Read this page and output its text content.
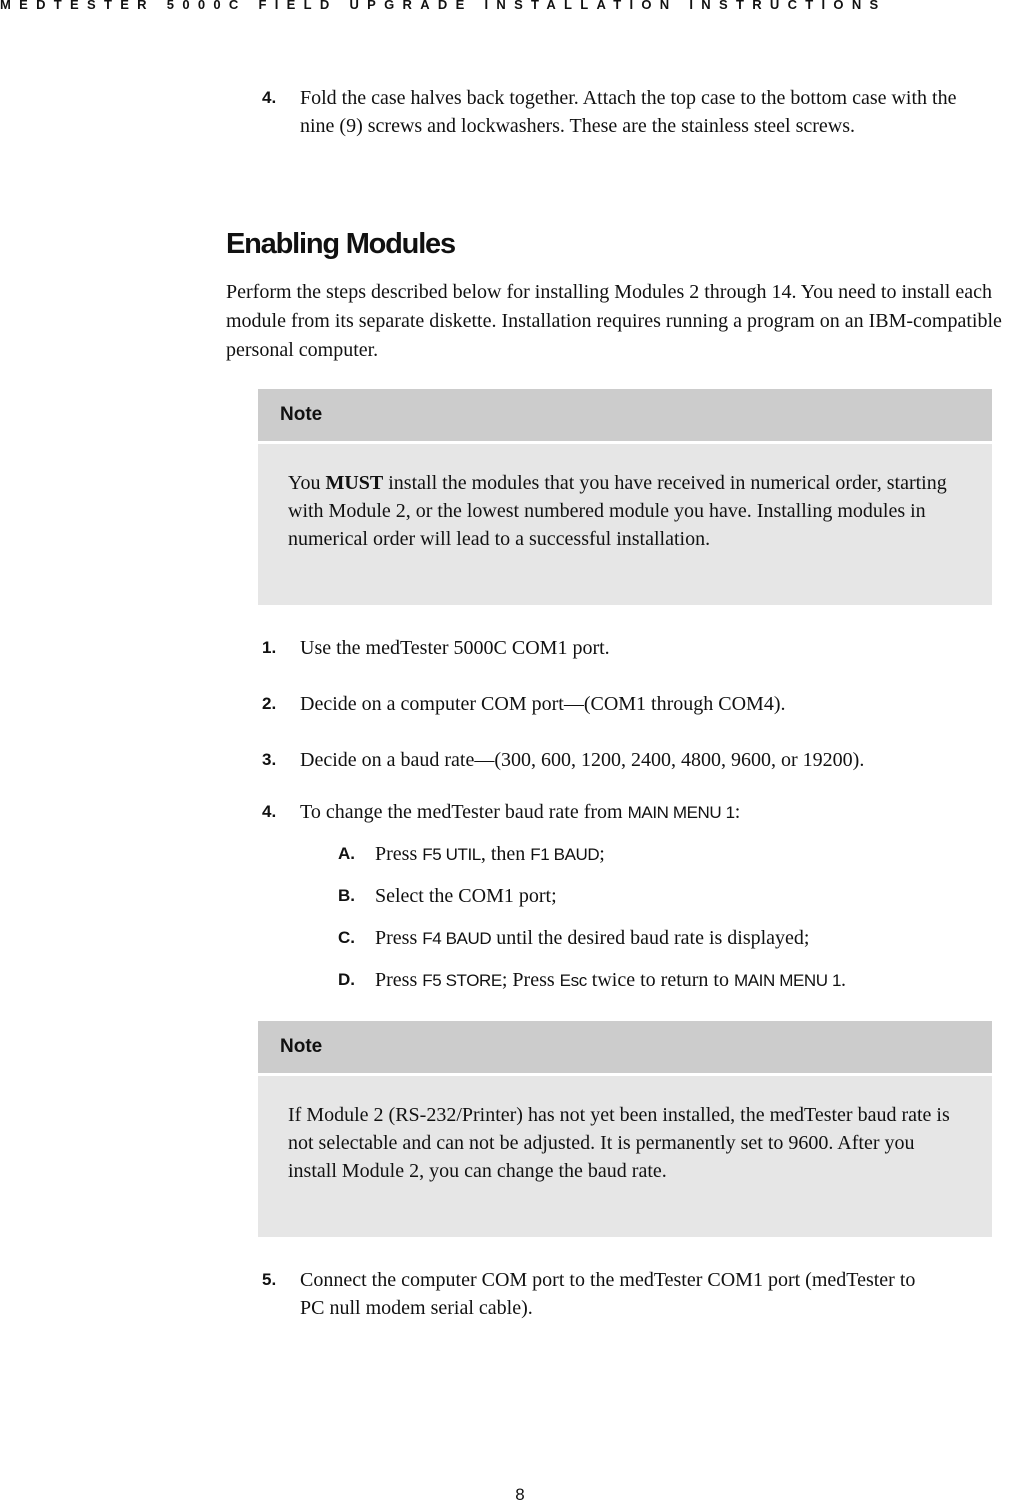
MEDTESTER 5000C FIELD UPGRADE INSTALLATION INSTRUCTIONS
4. Fold the case halves back together. Attach the top case to the bottom case with the nine (9) screws and lockwashers. These are the stainless steel screws.
Enabling Modules

Perform the steps described below for installing Modules 2 through 14. You need to install each module from its separate diskette. Installation requires running a program on an IBM-compatible personal computer.

Note
You MUST install the modules that you have received in numerical order, starting with Module 2, or the lowest numbered module you have. Installing modules in numerical order will lead to a successful installation.
1. Use the medTester 5000C COM1 port.
2. Decide on a computer COM port—(COM1 through COM4).
3. Decide on a baud rate—(300, 600, 1200, 2400, 4800, 9600, or 19200).
4. To change the medTester baud rate from MAIN MENU 1:
A. Press F5 UTIL, then F1 BAUD;
B. Select the COM1 port;
C. Press F4 BAUD until the desired baud rate is displayed;
D. Press F5 STORE; Press Esc twice to return to MAIN MENU 1.
Note
If Module 2 (RS-232/Printer) has not yet been installed, the medTester baud rate is not selectable and can not be adjusted. It is permanently set to 9600. After you install Module 2, you can change the baud rate.
5. Connect the computer COM port to the medTester COM1 port (medTester to PC null modem serial cable).
8
